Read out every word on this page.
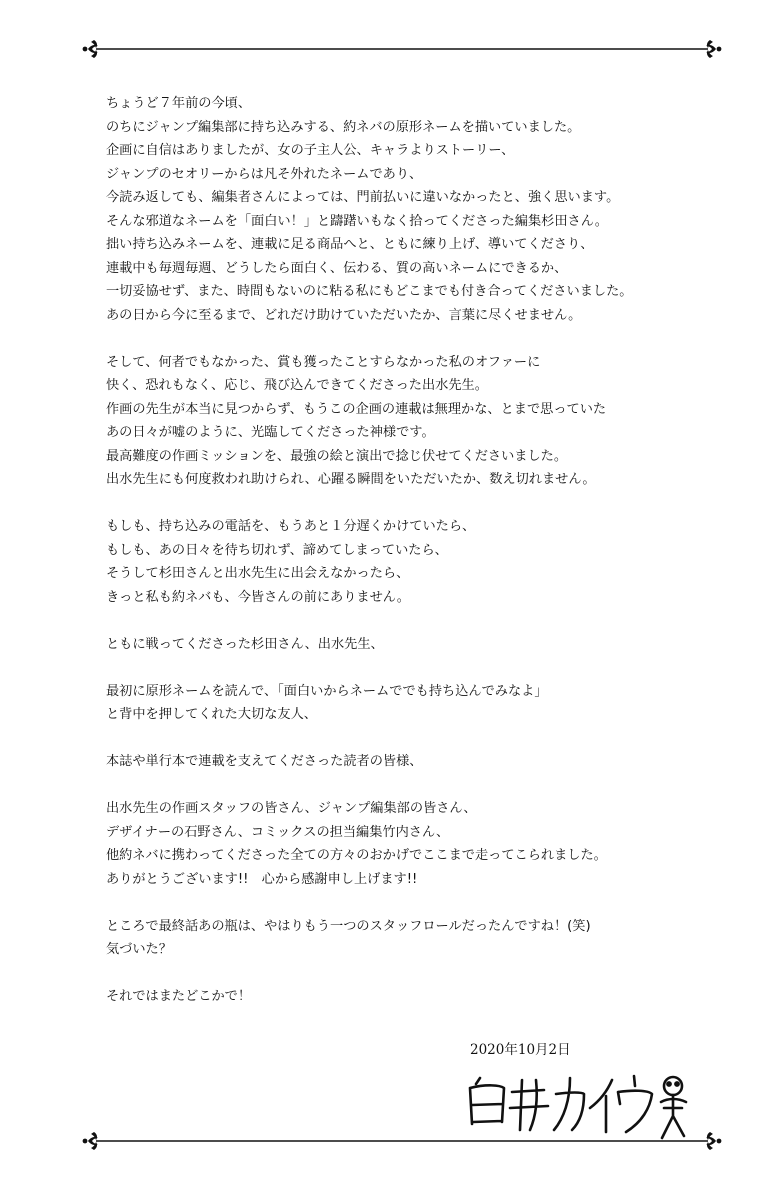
ちょうど７年前の今頃、
のちにジャンプ編集部に持ち込みする、約ネバの原形ネームを描いていました。
企画に自信はありましたが、女の子主人公、キャラよりストーリー、
ジャンプのセオリーからは凡そ外れたネームであり、
今読み返しても、編集者さんによっては、門前払いに違いなかったと、強く思います。
そんな邪道なネームを「面白い！」と躊躇いもなく拾ってくださった編集杉田さん。
拙い持ち込みネームを、連載に足る商品へと、ともに練り上げ、導いてくださり、
連載中も毎週毎週、どうしたら面白く、伝わる、質の高いネームにできるか、
一切妥協せず、また、時間もないのに粘る私にもどこまでも付き合ってくださいました。
あの日から今に至るまで、どれだけ助けていただいたか、言葉に尽くせません。
そして、何者でもなかった、賞も獲ったことすらなかった私のオファーに
快く、恐れもなく、応じ、飛び込んできてくださった出水先生。
作画の先生が本当に見つからず、もうこの企画の連載は無理かな、とまで思っていた
あの日々が嘘のように、光臨してくださった神様です。
最高難度の作画ミッションを、最強の絵と演出で捻じ伏せてくださいました。
出水先生にも何度救われ助けられ、心躍る瞬間をいただいたか、数え切れません。
もしも、持ち込みの電話を、もうあと１分遅くかけていたら、
もしも、あの日々を待ち切れず、諦めてしまっていたら、
そうして杉田さんと出水先生に出会えなかったら、
きっと私も約ネバも、今皆さんの前にありません。
ともに戦ってくださった杉田さん、出水先生、
最初に原形ネームを読んで、「面白いからネームででも持ち込んでみなよ」
と背中を押してくれた大切な友人、
本誌や単行本で連載を支えてくださった読者の皆様、
出水先生の作画スタッフの皆さん、ジャンプ編集部の皆さん、
デザイナーの石野さん、コミックスの担当編集竹内さん、
他約ネバに携わってくださった全ての方々のおかげでここまで走ってこられました。
ありがとうございます!!　心から感謝申し上げます!!
ところで最終話あの瓶は、やはりもう一つのスタッフロールだったんですね！(笑)
気づいた？
それではまたどこかで！
2020年10月2日
